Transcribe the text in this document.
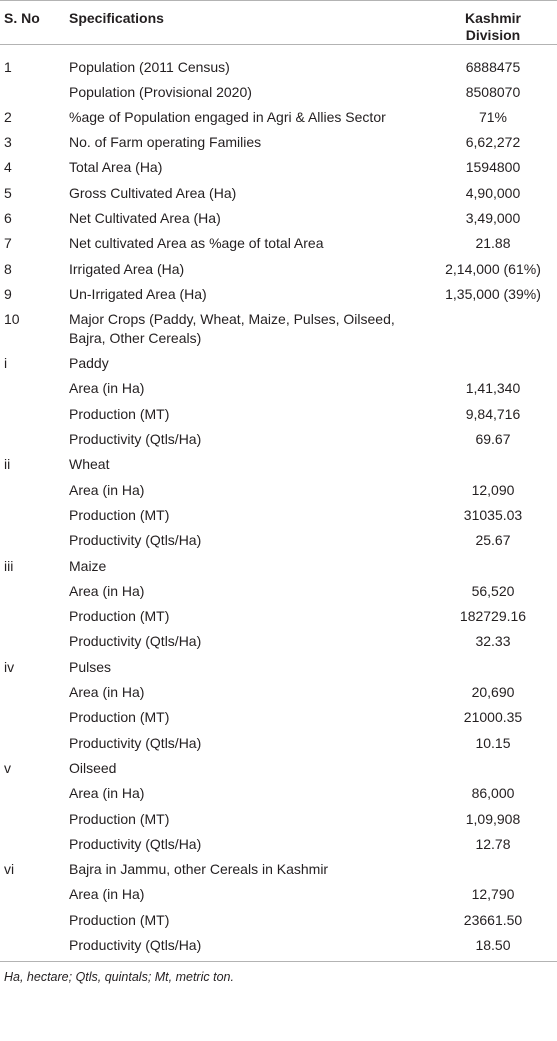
S. No	Specifications	Kashmir
Division
1	Population (2011 Census)	6888475
	Population (Provisional 2020)	8508070
2	%age of Population engaged in Agri & Allies Sector	71%
3	No. of Farm operating Families	6,62,272
4	Total Area (Ha)	1594800
5	Gross Cultivated Area (Ha)	4,90,000
6	Net Cultivated Area (Ha)	3,49,000
7	Net cultivated Area as %age of total Area	21.88
8	Irrigated Area (Ha)	2,14,000 (61%)
9	Un-Irrigated Area (Ha)	1,35,000 (39%)
10	Major Crops (Paddy, Wheat, Maize, Pulses, Oilseed, Bajra, Other Cereals)	
i	Paddy	
	Area (in Ha)	1,41,340
	Production (MT)	9,84,716
	Productivity (Qtls/Ha)	69.67
ii	Wheat	
	Area (in Ha)	12,090
	Production (MT)	31035.03
	Productivity (Qtls/Ha)	25.67
iii	Maize	
	Area (in Ha)	56,520
	Production (MT)	182729.16
	Productivity (Qtls/Ha)	32.33
iv	Pulses	
	Area (in Ha)	20,690
	Production (MT)	21000.35
	Productivity (Qtls/Ha)	10.15
v	Oilseed	
	Area (in Ha)	86,000
	Production (MT)	1,09,908
	Productivity (Qtls/Ha)	12.78
vi	Bajra in Jammu, other Cereals in Kashmir	
	Area (in Ha)	12,790
	Production (MT)	23661.50
	Productivity (Qtls/Ha)	18.50
Ha, hectare; Qtls, quintals; Mt, metric ton.
